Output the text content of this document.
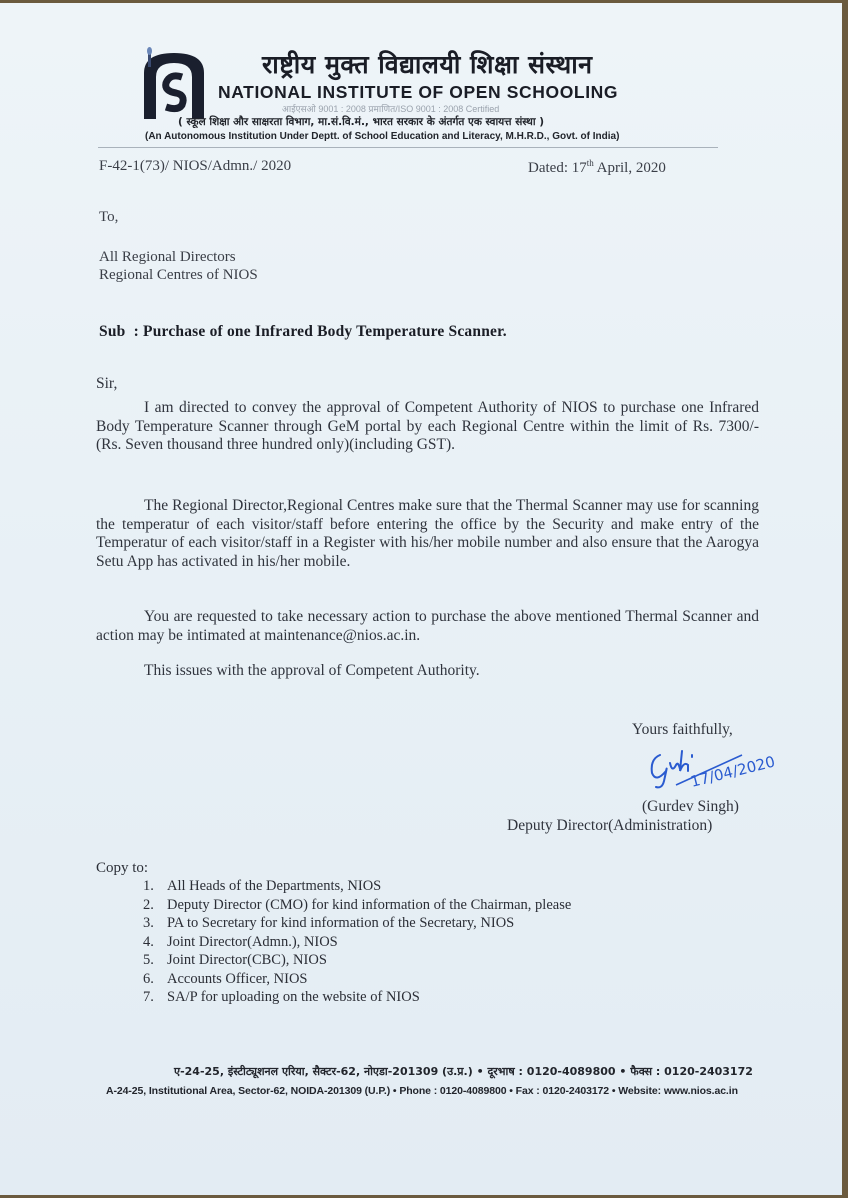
राष्ट्रीय मुक्त विद्यालयी शिक्षा संस्थान
NATIONAL INSTITUTE OF OPEN SCHOOLING
आईएसओ 9001 : 2008 प्रमाणित/ISO 9001 : 2008 Certified
( स्कूल शिक्षा और साक्षरता विभाग, मा.सं.वि.मं., भारत सरकार के अंतर्गत एक स्वायत्त संस्था )
(An Autonomous Institution Under Deptt. of School Education and Literacy, M.H.R.D., Govt. of India)
F-42-1(73)/ NIOS/Admn./ 2020	Dated: 17th April, 2020
To,
All Regional Directors
Regional Centres of NIOS
Sub  : Purchase of one Infrared Body Temperature Scanner.
Sir,
I am directed to convey the approval of Competent Authority of NIOS to purchase one Infrared Body Temperature Scanner through GeM portal by each Regional Centre within the limit of Rs. 7300/-(Rs. Seven thousand three hundred only)(including GST).
The Regional Director,Regional Centres make sure that the Thermal Scanner may use for scanning the temperatur of each visitor/staff before entering the office by the Security and make entry of the Temperatur of each visitor/staff in a Register with his/her mobile number and also ensure that the Aarogya Setu App has activated in his/her mobile.
You are requested to take necessary action to purchase the above mentioned Thermal Scanner and action may be intimated at maintenance@nios.ac.in.
This issues with the approval of Competent Authority.
Yours faithfully,
17/04/2020
(Gurdev Singh)
Deputy Director(Administration)
Copy to:
1. All Heads of the Departments, NIOS
2. Deputy Director (CMO) for kind information of the Chairman, please
3. PA to Secretary for kind information of the Secretary, NIOS
4. Joint Director(Admn.), NIOS
5. Joint Director(CBC), NIOS
6. Accounts Officer, NIOS
7. SA/P for uploading on the website of NIOS
ए-24-25, इंस्टीट्यूशनल एरिया, सैक्टर-62, नोएडा-201309 (उ.प्र.) • दूरभाष : 0120-4089800 • फैक्स : 0120-2403172
A-24-25, Institutional Area, Sector-62, NOIDA-201309 (U.P.) • Phone : 0120-4089800 • Fax : 0120-2403172 • Website: www.nios.ac.in
